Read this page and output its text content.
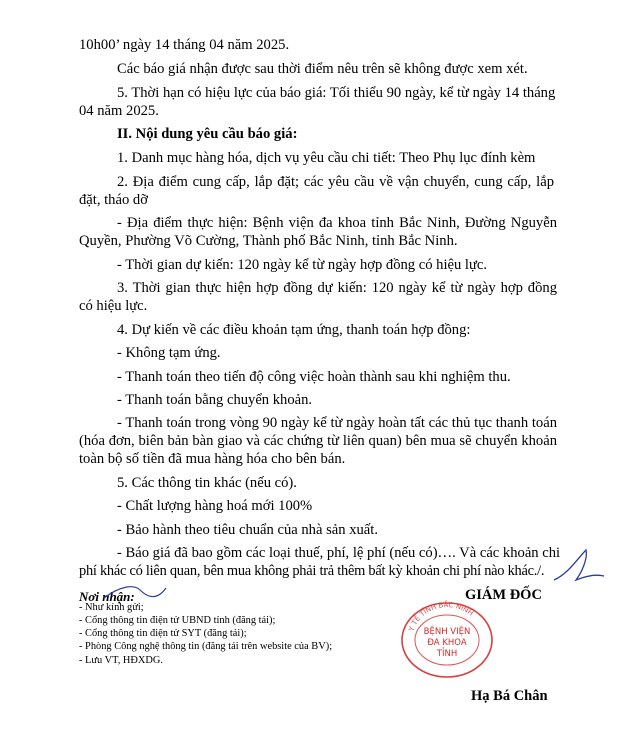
10h00’ ngày 14 tháng 04 năm 2025.
Các báo giá nhận được sau thời điểm nêu trên sẽ không được xem xét.
5. Thời hạn có hiệu lực của báo giá: Tối thiểu 90 ngày, kể từ ngày 14 tháng
04 năm 2025.
II. Nội dung yêu cầu báo giá:
1. Danh mục hàng hóa, dịch vụ yêu cầu chi tiết: Theo Phụ lục đính kèm
2. Địa điểm cung cấp, lắp đặt; các yêu cầu về vận chuyển, cung cấp, lắp
đặt, tháo dỡ
- Địa điểm thực hiện: Bệnh viện đa khoa tỉnh Bắc Ninh, Đường Nguyễn
Quyền, Phường Võ Cường, Thành phố Bắc Ninh, tỉnh Bắc Ninh.
- Thời gian dự kiến: 120 ngày kể từ ngày hợp đồng có hiệu lực.
3. Thời gian thực hiện hợp đồng dự kiến: 120 ngày kể từ ngày hợp đồng
có hiệu lực.
4. Dự kiến về các điều khoản tạm ứng, thanh toán hợp đồng:
- Không tạm ứng.
- Thanh toán theo tiến độ công việc hoàn thành sau khi nghiệm thu.
- Thanh toán bằng chuyển khoản.
- Thanh toán trong vòng 90 ngày kể từ ngày hoàn tất các thủ tục thanh toán
(hóa đơn, biên bản bàn giao và các chứng từ liên quan) bên mua sẽ chuyển khoản
toàn bộ số tiền đã mua hàng hóa cho bên bán.
5. Các thông tin khác (nếu có).
- Chất lượng hàng hoá mới 100%
- Bảo hành theo tiêu chuẩn của nhà sản xuất.
- Báo giá đã bao gồm các loại thuế, phí, lệ phí (nếu có)…. Và các khoản chi
phí khác có liên quan, bên mua không phải trả thêm bất kỳ khoản chi phí nào khác./.
Nơi nhận:
- Như kính gửi;
- Cổng thông tin điện tử UBND tỉnh (đăng tải);
- Cổng thông tin điện tử SYT (đăng tải);
- Phòng Công nghệ thông tin (đăng tải trên website của BV);
- Lưu VT, HĐXDG.
GIÁM ĐỐC
Y TẾ TỈNH BẮC NINH
BỆNH VIỆN
ĐA KHOA
TỈNH
Hạ Bá Chân
